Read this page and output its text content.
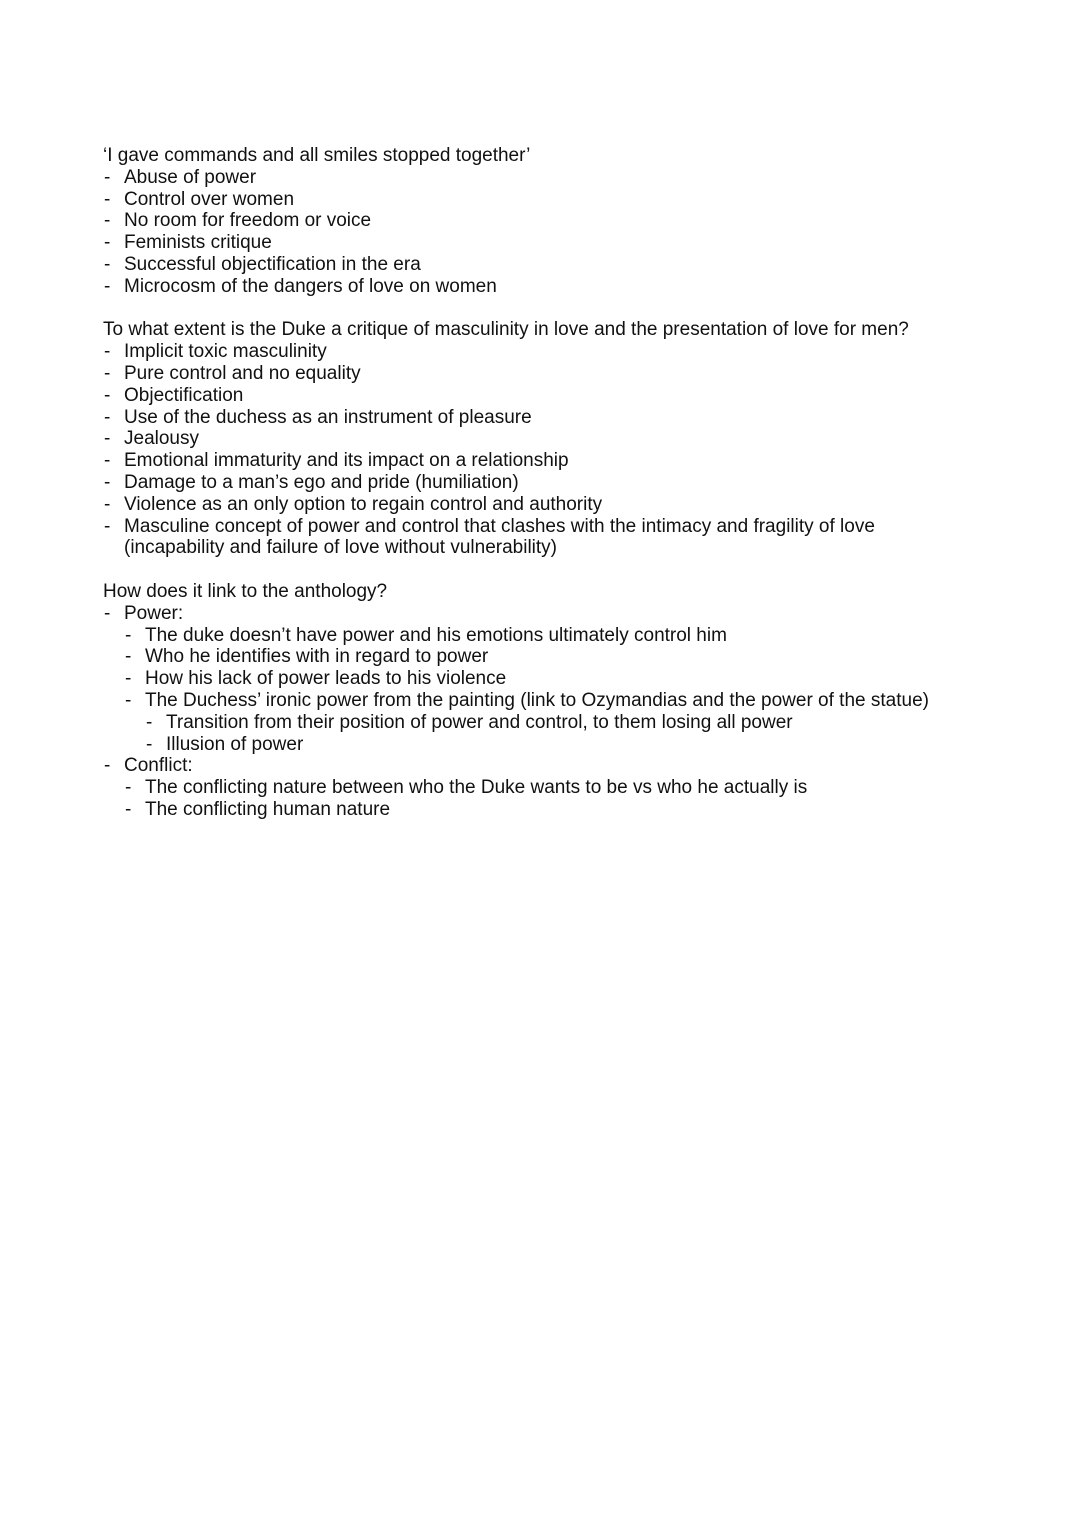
‘I gave commands and all smiles stopped together’
-
Abuse of power
-
Control over women
-
No room for freedom or voice
-
Feminists critique
-
Successful objectification in the era
-
Microcosm of the dangers of love on women
To what extent is the Duke a critique of masculinity in love and the presentation of love for men?
-
Implicit toxic masculinity
-
Pure control and no equality
-
Objectification
-
Use of the duchess as an instrument of pleasure
-
Jealousy
-
Emotional immaturity and its impact on a relationship
-
Damage to a man’s ego and pride (humiliation)
-
Violence as an only option to regain control and authority
-
Masculine concept of power and control that clashes with the intimacy and fragility of love (incapability and failure of love without vulnerability)
How does it link to the anthology?
-
Power:
-
The duke doesn’t have power and his emotions ultimately control him
-
Who he identifies with in regard to power
-
How his lack of power leads to his violence
-
The Duchess’ ironic power from the painting (link to Ozymandias and the power of the statue)
-
Transition from their position of power and control, to them losing all power
-
Illusion of power
-
Conflict:
-
The conflicting nature between who the Duke wants to be vs who he actually is
-
The conflicting human nature
